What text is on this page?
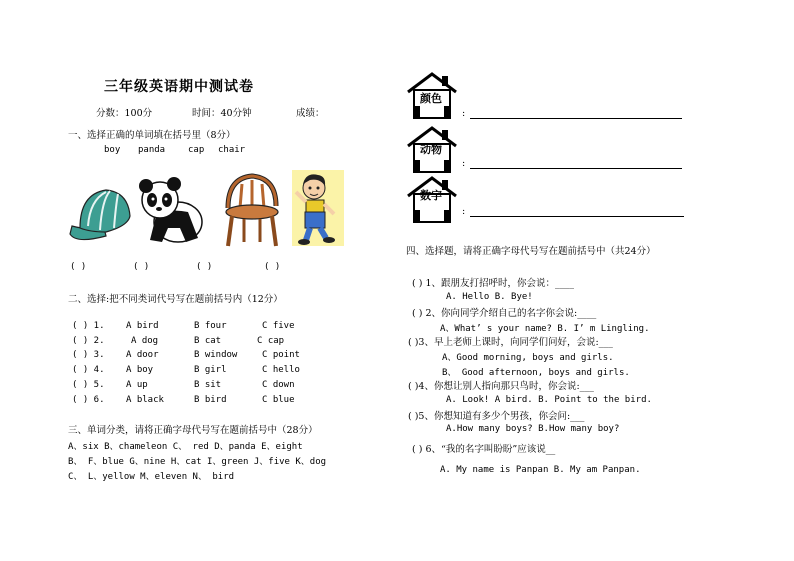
三年级英语期中测试卷
分数：100分	时间：40分钟	成绩：
一、选择正确的单词填在括号里（8分）
boy panda	cap chair
( )	( )	( )	( )
二、选择:把不同类词代号写在题前括号内（12分）
( ) 1. A bird	B four	C five
( ) 2.	A dog	B cat	C cap
( ) 3. A door	B window	C point
( ) 4. A boy	B girl	C hello
( ) 5. A up	B sit	C down
( ) 6. A black	B bird	C blue
三、单词分类，请将正确字母代号写在题前括号中（28分）
A、six B、chameleon C、 red D、panda E、eight
B、 F、blue G、nine H、cat I、green J、five K、dog
C、 L、yellow M、eleven N、 bird
颜色
:
动物
:
数字
:
四、选择题，请将正确字母代号写在题前括号中（共24分）
( ) 1、跟朋友打招呼时，你会说：____
A. Hello B. Bye!
( ) 2、你向同学介绍自己的名字你会说:____
A、What’ s your name? B. I’ m Lingling.
( )3、早上老师上课时，向同学们问好，会说:___
A、Good morning, boys and girls.
B、 Good afternoon, boys and girls.
( )4、你想让别人指向那只鸟时，你会说:___
A. Look! A bird. B. Point to the bird.
( )5、你想知道有多少个男孩，你会问:___
A.How many boys? B.How many boy?
( ) 6、“我的名字叫盼盼”应该说__
A. My name is Panpan B. My am Panpan.
